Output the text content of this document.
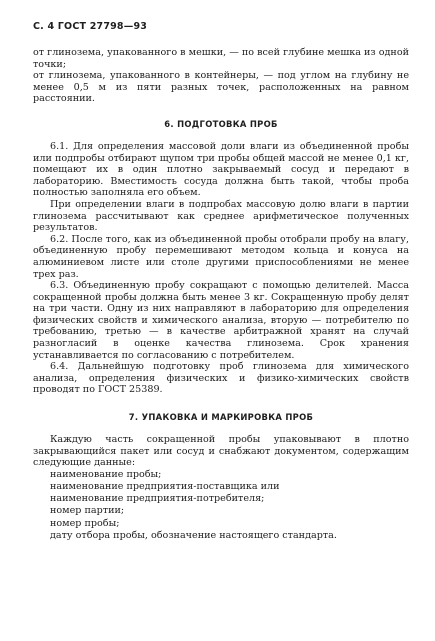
С. 4 ГОСТ 27798—93

от глинозема, упакованного в мешки, — по всей глубине мешка из одной точки;

от глинозема, упакованного в контейнеры, — под углом на глубину не менее 0,5 м из пяти разных точек, расположенных на равном расстоянии.

6. ПОДГОТОВКА ПРОБ

6.1. Для определения массовой доли влаги из объединенной пробы или подпробы отбирают щупом три пробы общей массой не менее 0,1 кг, помещают их в один плотно закрываемый сосуд и передают в лабораторию. Вместимость сосуда должна быть такой, чтобы проба полностью заполняла его объем.

При определении влаги в подпробах массовую долю влаги в партии глинозема рассчитывают как среднее арифметическое полученных результатов.

6.2. После того, как из объединенной пробы отобрали пробу на влагу, объединенную пробу перемешивают методом кольца и конуса на алюминиевом листе или столе другими приспособлениями не менее трех раз.

6.3. Объединенную пробу сокращают с помощью делителей. Масса сокращенной пробы должна быть менее 3 кг. Сокращенную пробу делят на три части. Одну из них направляют в лабораторию для определения физических свойств и химического анализа, вторую — потребителю по требованию, третью — в качестве арбитражной хранят на случай разногласий в оценке качества глинозема. Срок хранения устанавливается по согласованию с потребителем.

6.4. Дальнейшую подготовку проб глинозема для химического анализа, определения физических и физико-химических свойств проводят по ГОСТ 25389.

7. УПАКОВКА И МАРКИРОВКА ПРОБ

Каждую часть сокращенной пробы упаковывают в плотно закрывающийся пакет или сосуд и снабжают документом, содержащим следующие данные:

наименование пробы;
наименование предприятия-поставщика или
наименование предприятия-потребителя;
номер партии;
номер пробы;
дату отбора пробы, обозначение настоящего стандарта.
